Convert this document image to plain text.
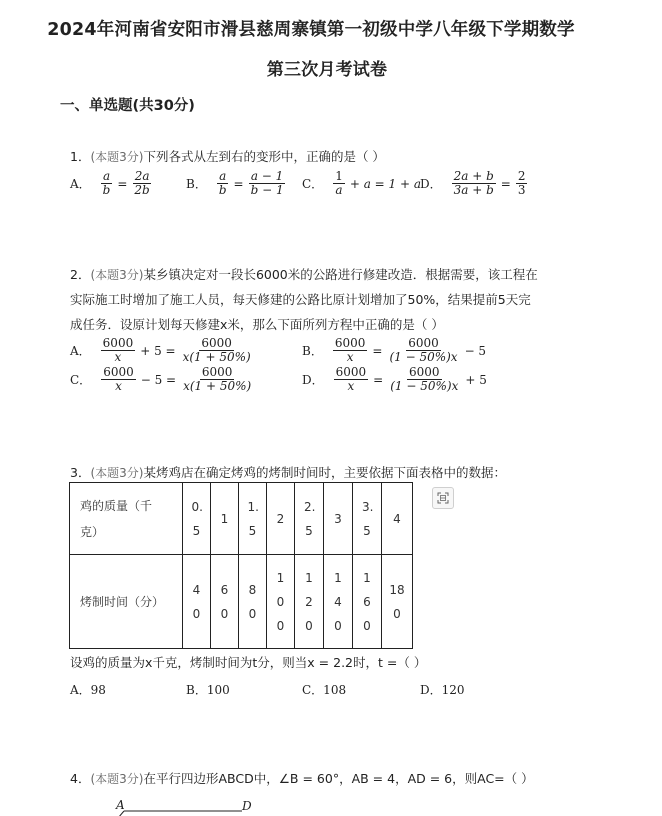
2024年河南省安阳市滑县慈周寨镇第一初级中学八年级下学期数学
第三次月考试卷
一、单选题(共30分)
1．(本题3分)下列各式从左到右的变形中，正确的是（ ）
A． $\frac{a}{b} = \frac{2a}{2b}$	B． $\frac{a}{b} = \frac{a - 1}{b - 1}$ C． $\frac{1}{a} + a = 1 + a$
D． $\frac{2a + b}{3a + b} = \frac{2}{3}$
2．(本题3分)某乡镇决定对一段长6000米的公路进行修建改造．根据需要，该工程在
实际施工时增加了施工人员，每天修建的公路比原计划增加了50%，结果提前5天完
成任务．设原计划每天修建x米，那么下面所列方程中正确的是（ ）
A． $\frac{6000}{x} + 5 = \frac{6000}{x(1 + 50\%)}$	B． $\frac{6000}{x} = \frac{6000}{(1 - 50\%)x} - 5$
C． $\frac{6000}{x} - 5 = \frac{6000}{x(1 + 50\%)}$	D． $\frac{6000}{x} = \frac{6000}{(1 - 50\%)x} + 5$
3．(本题3分)某烤鸡店在确定烤鸡的烤制时间时，主要依据下面表格中的数据：
鸡的质量（千克）	0.5	1	1.5	2	2.5	3	3.5	4
烤制时间（分）	40	60	80	100	120	140	160	180
设鸡的质量为x千克，烤制时间为t分，则当x = 2.2时，t =（ ）
A．98	B．100	C．108	D．120
4．(本题3分)在平行四边形ABCD中，∠B = 60°，AB = 4，AD = 6，则AC=（ ）
A	D
